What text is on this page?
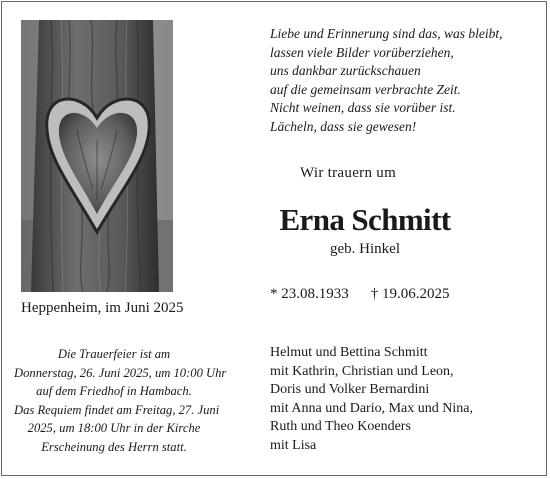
Heppenheim, im Juni 2025
Liebe und Erinnerung sind das, was bleibt,
lassen viele Bilder vorüberziehen,
uns dankbar zurückschauen
auf die gemeinsam verbrachte Zeit.
Nicht weinen, dass sie vorüber ist.
Lächeln, dass sie gewesen!
Wir trauern um
Erna Schmitt
geb. Hinkel
* 23.08.1933 † 19.06.2025
Die Trauerfeier ist am
Donnerstag, 26. Juni 2025, um 10:00 Uhr
auf dem Friedhof in Hambach.
Das Requiem findet am Freitag, 27. Juni
2025, um 18:00 Uhr in der Kirche
Erscheinung des Herrn statt.
Helmut und Bettina Schmitt
mit Kathrin, Christian und Leon,
Doris und Volker Bernardini
mit Anna und Dario, Max und Nina,
Ruth und Theo Koenders
mit Lisa
